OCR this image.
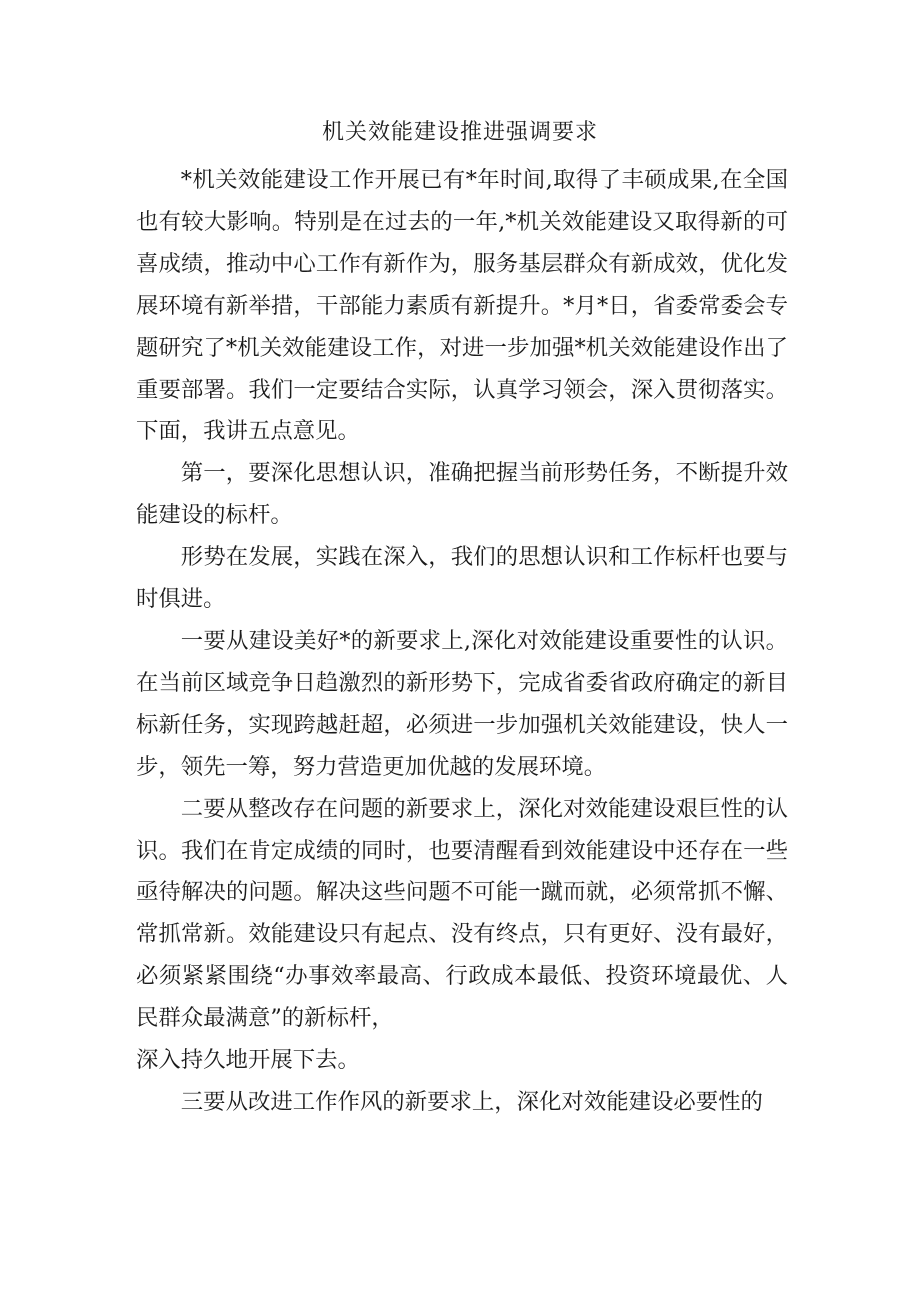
机关效能建设推进强调要求

*机关效能建设工作开展已有*年时间,取得了丰硕成果,在全国也有较大影响。特别是在过去的一年,*机关效能建设又取得新的可喜成绩，推动中心工作有新作为，服务基层群众有新成效，优化发展环境有新举措，干部能力素质有新提升。*月*日，省委常委会专题研究了*机关效能建设工作，对进一步加强*机关效能建设作出了重要部署。我们一定要结合实际，认真学习领会，深入贯彻落实。下面，我讲五点意见。

第一，要深化思想认识，准确把握当前形势任务，不断提升效能建设的标杆。

形势在发展，实践在深入，我们的思想认识和工作标杆也要与时俱进。

一要从建设美好*的新要求上,深化对效能建设重要性的认识。在当前区域竞争日趋激烈的新形势下，完成省委省政府确定的新目标新任务，实现跨越赶超，必须进一步加强机关效能建设，快人一步，领先一筹，努力营造更加优越的发展环境。

二要从整改存在问题的新要求上，深化对效能建设艰巨性的认识。我们在肯定成绩的同时，也要清醒看到效能建设中还存在一些亟待解决的问题。解决这些问题不可能一蹴而就，必须常抓不懈、常抓常新。效能建设只有起点、没有终点，只有更好、没有最好，必须紧紧围绕“办事效率最高、行政成本最低、投资环境最优、人民群众最满意”的新标杆，

深入持久地开展下去。

三要从改进工作作风的新要求上，深化对效能建设必要性的
